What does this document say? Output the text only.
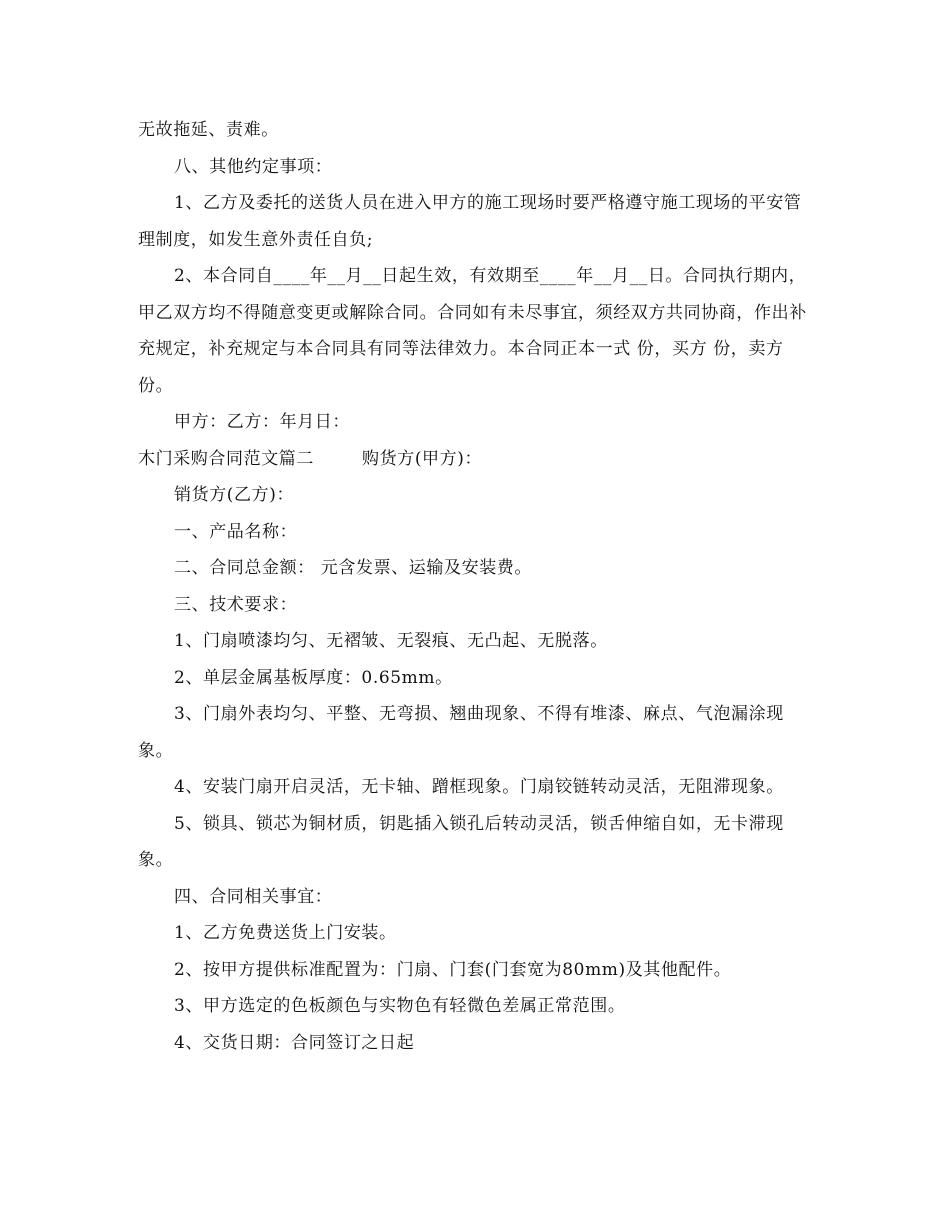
无故拖延、责难。

八、其他约定事项：

1、乙方及委托的送货人员在进入甲方的施工现场时要严格遵守施工现场的平安管理制度，如发生意外责任自负;

2、本合同自____年__月__日起生效，有效期至____年__月__日。合同执行期内，甲乙双方均不得随意变更或解除合同。合同如有未尽事宜，须经双方共同协商，作出补充规定，补充规定与本合同具有同等法律效力。本合同正本一式 份，买方 份，卖方 份。

甲方：乙方：年月日：

木门采购合同范文篇二        购货方(甲方)：

销货方(乙方)：

一、产品名称：

二、合同总金额： 元含发票、运输及安装费。

三、技术要求：

1、门扇喷漆均匀、无褶皱、无裂痕、无凸起、无脱落。

2、单层金属基板厚度：0.65mm。

3、门扇外表均匀、平整、无弯损、翘曲现象、不得有堆漆、麻点、气泡漏涂现象。

4、安装门扇开启灵活，无卡轴、蹭框现象。门扇铰链转动灵活，无阻滞现象。

5、锁具、锁芯为铜材质，钥匙插入锁孔后转动灵活，锁舌伸缩自如，无卡滞现象。

四、合同相关事宜：

1、乙方免费送货上门安装。

2、按甲方提供标准配置为：门扇、门套(门套宽为80mm)及其他配件。

3、甲方选定的色板颜色与实物色有轻微色差属正常范围。

4、交货日期：合同签订之日起
